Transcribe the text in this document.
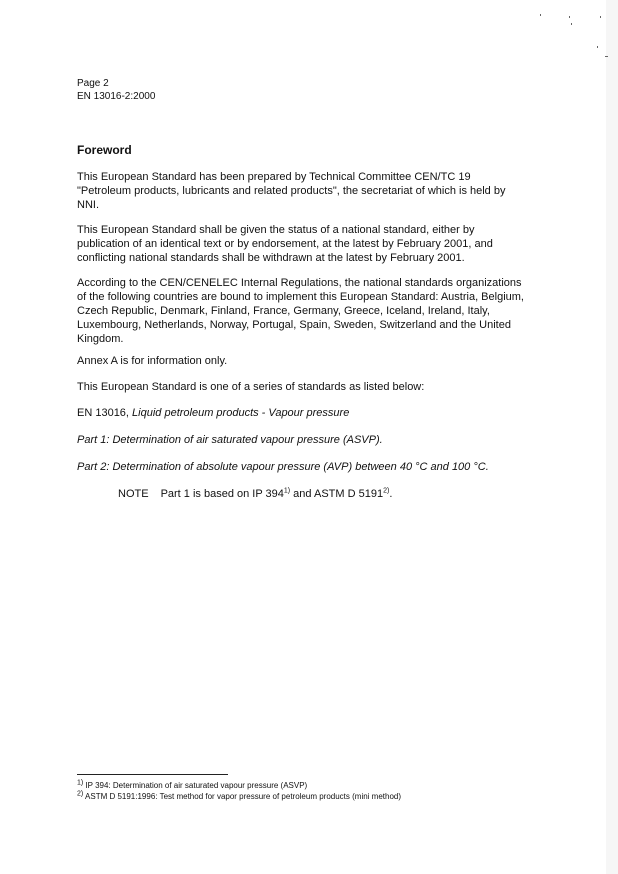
Page 2
EN 13016-2:2000
Foreword
This European Standard has been prepared by Technical Committee CEN/TC 19
"Petroleum products, lubricants and related products", the secretariat of which is held by
NNI.
This European Standard shall be given the status of a national standard, either by
publication of an identical text or by endorsement, at the latest by February 2001, and
conflicting national standards shall be withdrawn at the latest by February 2001.
According to the CEN/CENELEC Internal Regulations, the national standards organizations
of the following countries are bound to implement this European Standard: Austria, Belgium,
Czech Republic, Denmark, Finland, France, Germany, Greece, Iceland, Ireland, Italy,
Luxembourg, Netherlands, Norway, Portugal, Spain, Sweden, Switzerland and the United
Kingdom.
Annex A is for information only.
This European Standard is one of a series of standards as listed below:
EN 13016, Liquid petroleum products - Vapour pressure
Part 1: Determination of air saturated vapour pressure (ASVP).
Part 2: Determination of absolute vapour pressure (AVP) between 40 °C and 100 °C.
NOTE Part 1 is based on IP 394$^{1)}$ and ASTM D 5191$^{2)}$.
$^{1)}$ IP 394: Determination of air saturated vapour pressure (ASVP)
$^{2)}$ ASTM D 5191:1996: Test method for vapor pressure of petroleum products (mini method)
